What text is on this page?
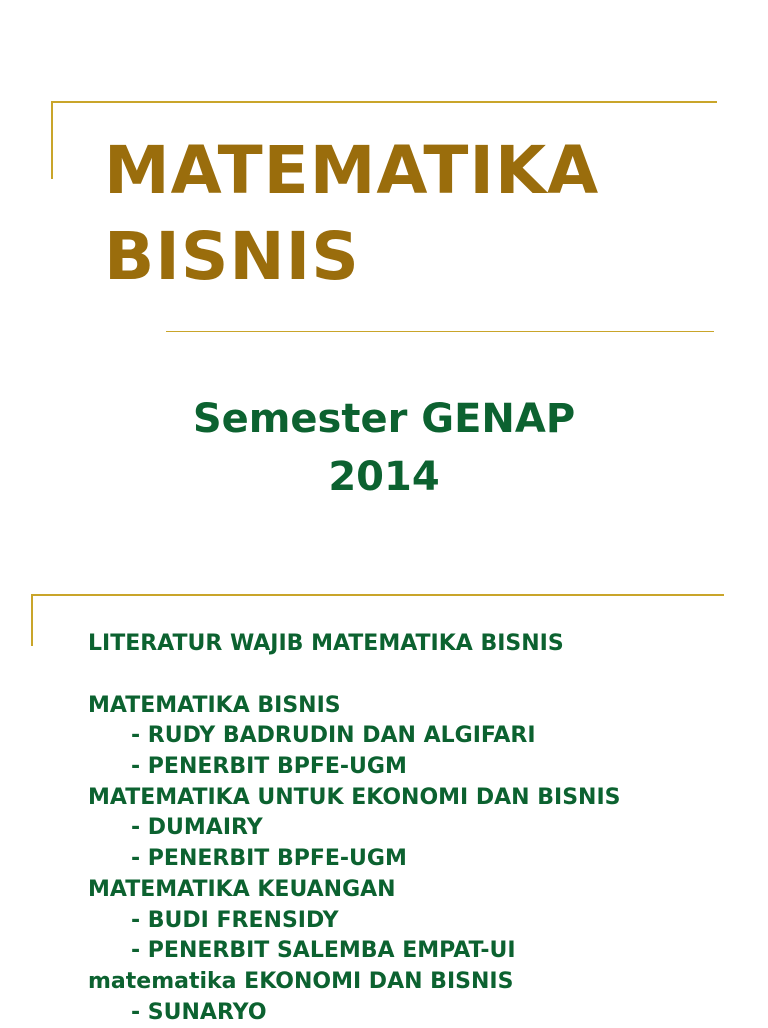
MATEMATIKA
BISNIS
Semester GENAP
2014
LITERATUR WAJIB MATEMATIKA BISNIS
MATEMATIKA BISNIS
- RUDY BADRUDIN DAN ALGIFARI
- PENERBIT BPFE-UGM
MATEMATIKA UNTUK EKONOMI DAN BISNIS
- DUMAIRY
- PENERBIT BPFE-UGM
MATEMATIKA KEUANGAN
- BUDI FRENSIDY
- PENERBIT SALEMBA EMPAT-UI
matematika EKONOMI DAN BISNIS
- SUNARYO
